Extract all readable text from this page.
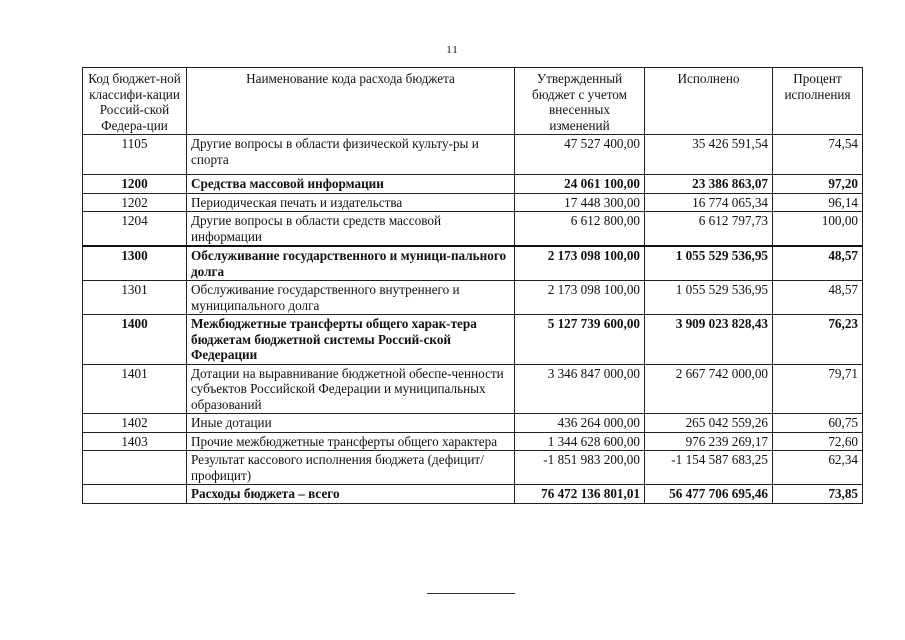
11
Код бюджет-ной классифи-кации Россий-ской Федера-ции	Наименование кода расхода бюджета	Утвержденный бюджет с учетом внесенных изменений	Исполнено	Процент исполнения
1105	Другие вопросы в области физической культу-ры и спорта	47 527 400,00	35 426 591,54	74,54
1200	Средства массовой информации	24 061 100,00	23 386 863,07	97,20
1202	Периодическая печать и издательства	17 448 300,00	16 774 065,34	96,14
1204	Другие вопросы в области средств массовой информации	6 612 800,00	6 612 797,73	100,00
1300	Обслуживание государственного и муници-пального долга	2 173 098 100,00	1 055 529 536,95	48,57
1301	Обслуживание государственного внутреннего и муниципального долга	2 173 098 100,00	1 055 529 536,95	48,57
1400	Межбюджетные трансферты общего харак-тера бюджетам бюджетной системы Россий-ской Федерации	5 127 739 600,00	3 909 023 828,43	76,23
1401	Дотации на выравнивание бюджетной обеспе-ченности субъектов Российской Федерации и муниципальных образований	3 346 847 000,00	2 667 742 000,00	79,71
1402	Иные дотации	436 264 000,00	265 042 559,26	60,75
1403	Прочие межбюджетные трансферты общего характера	1 344 628 600,00	976 239 269,17	72,60
	Результат кассового исполнения бюджета (дефицит/профицит)	-1 851 983 200,00	-1 154 587 683,25	62,34
	Расходы бюджета – всего	76 472 136 801,01	56 477 706 695,46	73,85
